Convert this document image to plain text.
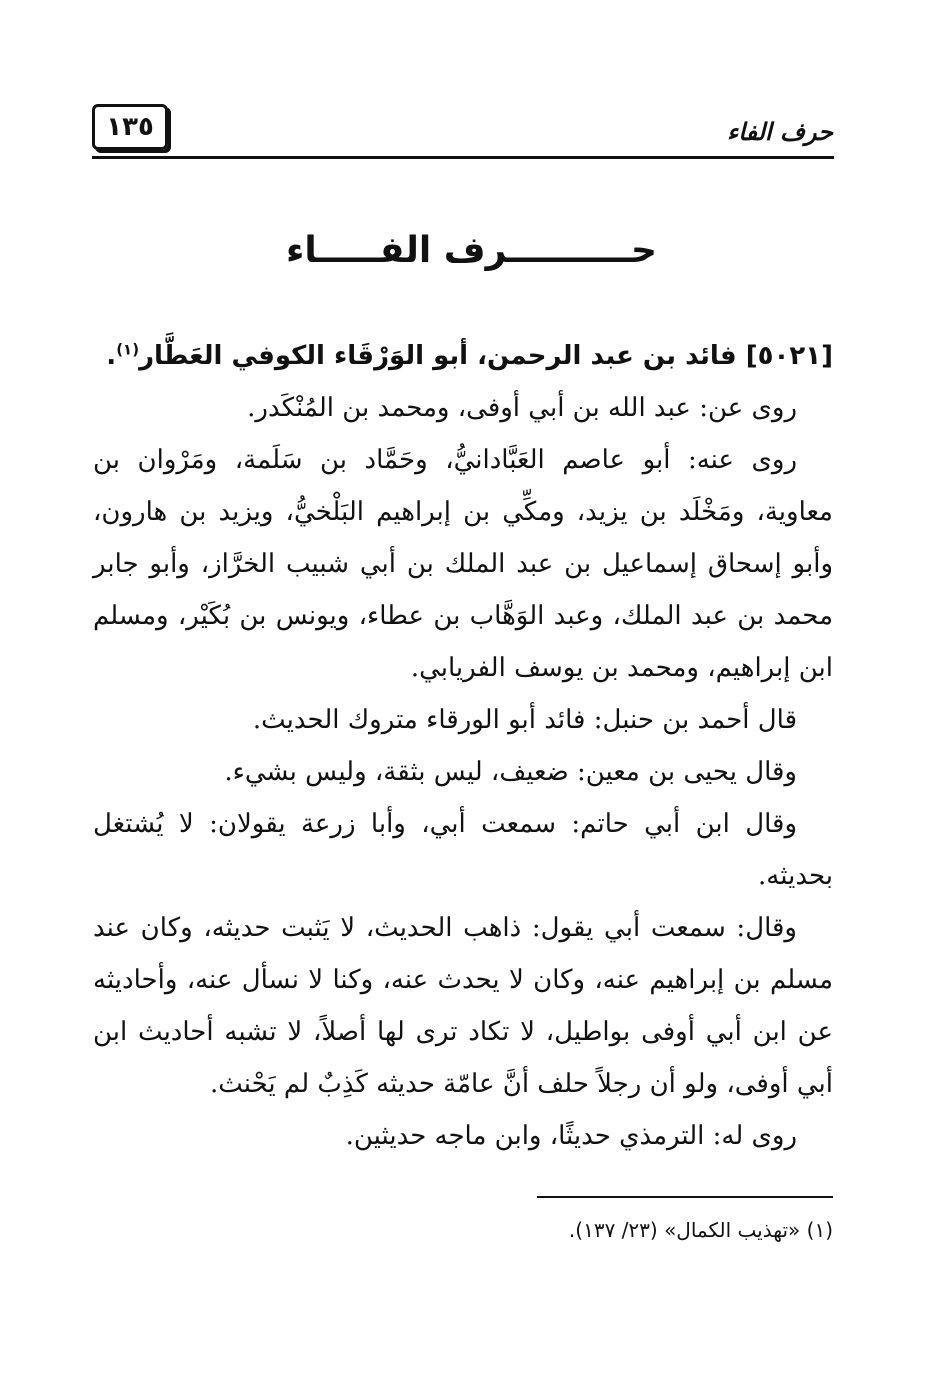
حرف الفاء
١٣٥
حــــــــــرف الفـــــاء

[٥٠٢١] فائد بن عبد الرحمن، أبو الوَرْقَاء الكوفي العَطَّار$^{(١)}$.

روى عن: عبد الله بن أبي أوفى، ومحمد بن المُنْكَدر.

روى عنه: أبو عاصم العَبَّادانيُّ، وحَمَّاد بن سَلَمة، ومَرْوان بن معاوية، ومَخْلَد بن يزيد، ومكِّي بن إبراهيم البَلْخيُّ، ويزيد بن هارون، وأبو إسحاق إسماعيل بن عبد الملك بن أبي شبيب الخرَّاز، وأبو جابر محمد بن عبد الملك، وعبد الوَهَّاب بن عطاء، ويونس بن بُكَيْر، ومسلم ابن إبراهيم، ومحمد بن يوسف الفريابي.

قال أحمد بن حنبل: فائد أبو الورقاء متروك الحديث.

وقال يحيى بن معين: ضعيف، ليس بثقة، وليس بشيء.

وقال ابن أبي حاتم: سمعت أبي، وأبا زرعة يقولان: لا يُشتغل بحديثه.

وقال: سمعت أبي يقول: ذاهب الحديث، لا يَثبت حديثه، وكان عند مسلم بن إبراهيم عنه، وكان لا يحدث عنه، وكنا لا نسأل عنه، وأحاديثه عن ابن أبي أوفى بواطيل، لا تكاد ترى لها أصلاً، لا تشبه أحاديث ابن أبي أوفى، ولو أن رجلاً حلف أنَّ عامّة حديثه كَذِبٌ لم يَحْنث.

روى له: الترمذي حديثًا، وابن ماجه حديثين.

(١) «تهذيب الكمال» (٢٣/ ١٣٧).
